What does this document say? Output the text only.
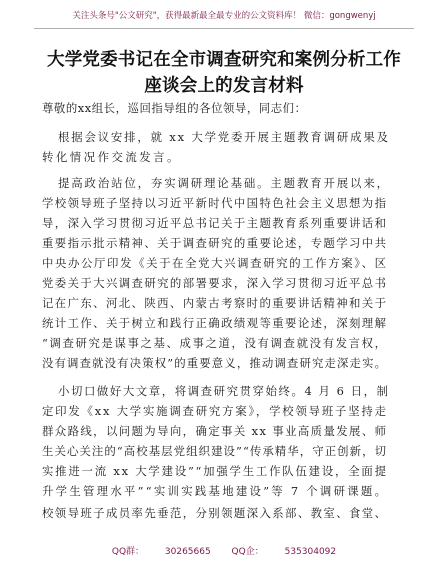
关注头条号"公文研究"，获得最新最全最专业的公文资料库！ 微信：gongwenyj
大学党委书记在全市调查研究和案例分析工作
座谈会上的发言材料
尊敬的xx组长，巡回指导组的各位领导，同志们：
根据会议安排，就 xx 大学党委开展主题教育调研成果及
转化情况作交流发言。
提高政治站位，夯实调研理论基础。主题教育开展以来，
学校领导班子坚持以习近平新时代中国特色社会主义思想为指
导，深入学习贯彻习近平总书记关于主题教育系列重要讲话和
重要指示批示精神、关于调查研究的重要论述，专题学习中共
中央办公厅印发《关于在全党大兴调查研究的工作方案》、区
党委关于大兴调查研究的部署要求，深入学习贯彻习近平总书
记在广东、河北、陕西、内蒙古考察时的重要讲话精神和关于
统计工作、关于树立和践行正确政绩观等重要论述，深刻理解
“调查研究是谋事之基、成事之道，没有调查就没有发言权，
没有调查就没有决策权”的重要意义，推动调查研究走深走实。
小切口做好大文章，将调查研究贯穿始终。4 月 6 日，制
定印发《xx 大学实施调查研究方案》，学校领导班子坚持走
群众路线，以问题为导向，确定事关 xx 事业高质量发展、师
生关心关注的“高校基层党组织建设”“传承精华，守正创新，切
实推进一流 xx 大学建设”“加强学生工作队伍建设，全面提
升学生管理水平”“实训实践基地建设”等 7 个调研课题。
校领导班子成员率先垂范，分别领题深入系部、教室、食堂、
QQ群： 30265665 QQ企： 535304092
